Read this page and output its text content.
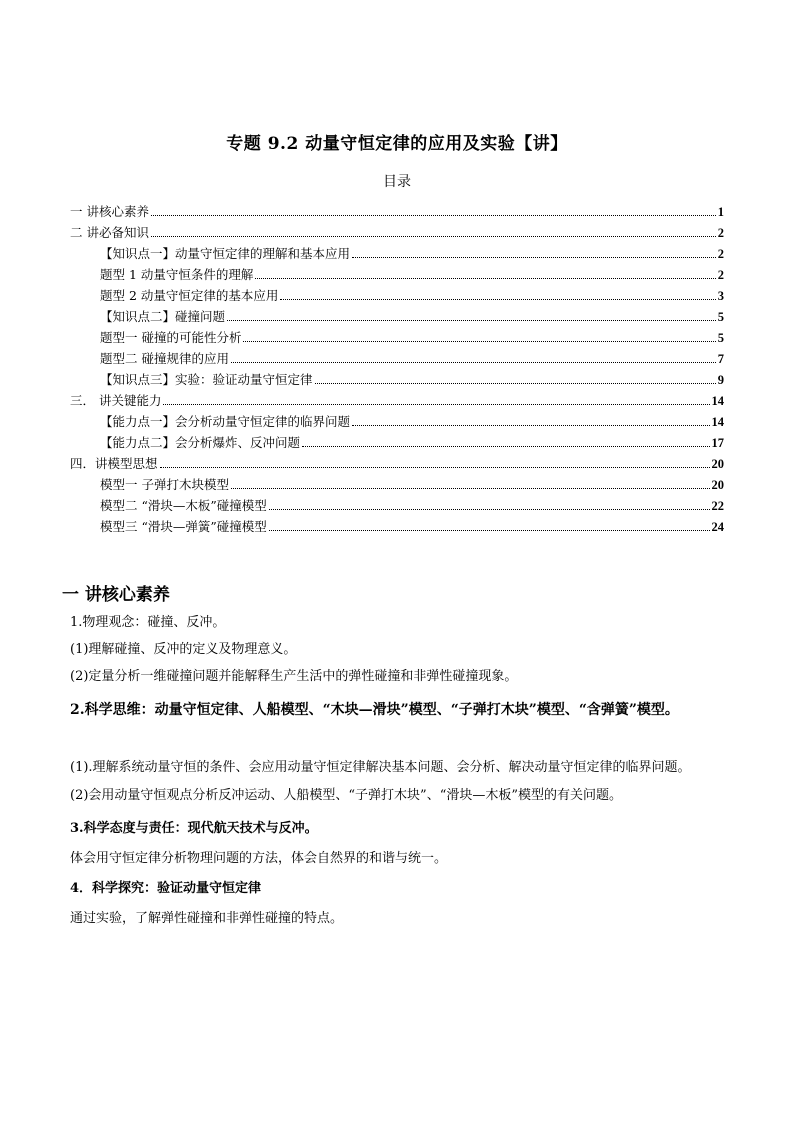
专题 9.2 动量守恒定律的应用及实验【讲】
目录
一 讲核心素养	1
二 讲必备知识	2
【知识点一】动量守恒定律的理解和基本应用	2
题型 1 动量守恒条件的理解	2
题型 2 动量守恒定律的基本应用	3
【知识点二】碰撞问题	5
题型一 碰撞的可能性分析	5
题型二 碰撞规律的应用	7
【知识点三】实验：验证动量守恒定律	9
三． 讲关键能力	14
【能力点一】会分析动量守恒定律的临界问题	14
【能力点二】会分析爆炸、反冲问题	17
四．讲模型思想	20
模型一 子弹打木块模型	20
模型二 “滑块—木板”碰撞模型	22
模型三 “滑块—弹簧”碰撞模型	24
一 讲核心素养

1.物理观念：碰撞、反冲。

(1)理解碰撞、反冲的定义及物理意义。

(2)定量分析一维碰撞问题并能解释生产生活中的弹性碰撞和非弹性碰撞现象。

2.科学思维：动量守恒定律、人船模型、“木块—滑块”模型、“子弹打木块”模型、“含弹簧”模型。

(1).理解系统动量守恒的条件、会应用动量守恒定律解决基本问题、会分析、解决动量守恒定律的临界问题。

(2)会用动量守恒观点分析反冲运动、人船模型、“子弹打木块”、“滑块—木板”模型的有关问题。

3.科学态度与责任：现代航天技术与反冲。

体会用守恒定律分析物理问题的方法，体会自然界的和谐与统一。

4．科学探究：验证动量守恒定律

通过实验，了解弹性碰撞和非弹性碰撞的特点。
